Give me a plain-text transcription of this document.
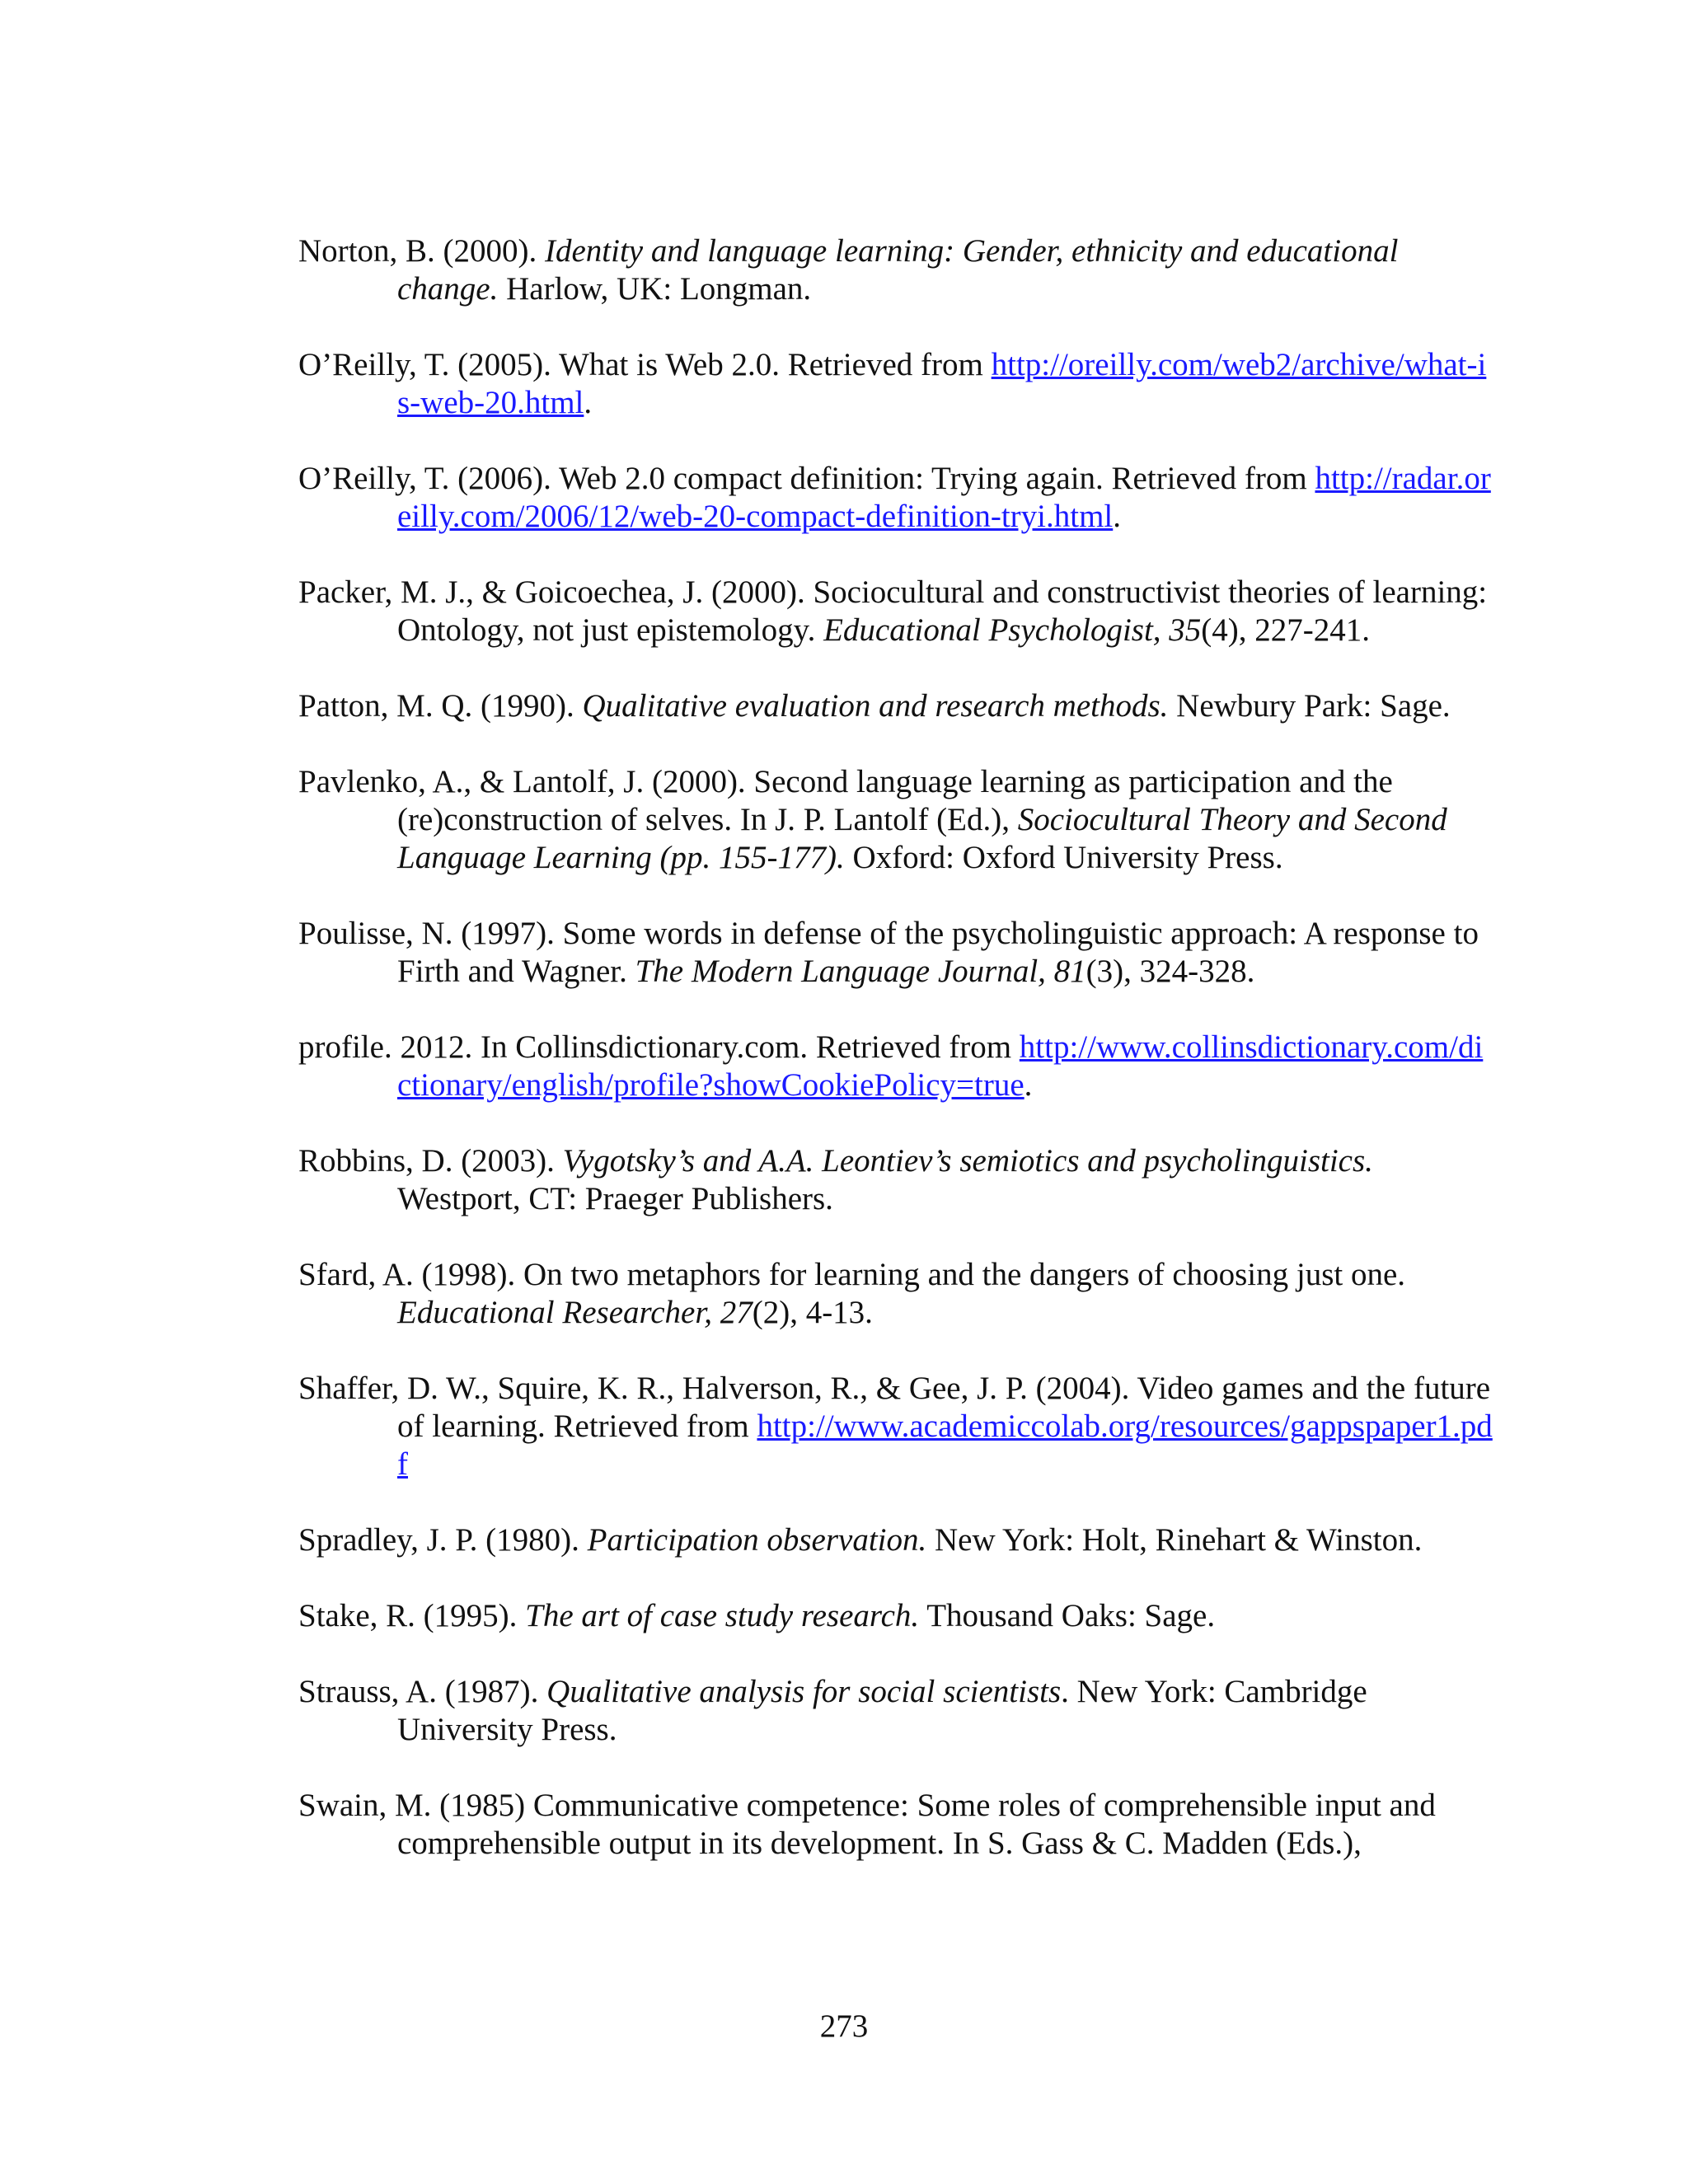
Norton, B. (2000). Identity and language learning: Gender, ethnicity and educational change. Harlow, UK: Longman.

O’Reilly, T. (2005). What is Web 2.0. Retrieved from http://oreilly.com/web2/archive/what-is-web-20.html.

O’Reilly, T. (2006). Web 2.0 compact definition: Trying again. Retrieved from http://radar.oreilly.com/2006/12/web-20-compact-definition-tryi.html.

Packer, M. J., & Goicoechea, J. (2000). Sociocultural and constructivist theories of learning: Ontology, not just epistemology. Educational Psychologist, 35(4), 227-241.

Patton, M. Q. (1990). Qualitative evaluation and research methods. Newbury Park: Sage.

Pavlenko, A., & Lantolf, J. (2000). Second language learning as participation and the (re)construction of selves. In J. P. Lantolf (Ed.), Sociocultural Theory and Second Language Learning (pp. 155-177). Oxford: Oxford University Press.

Poulisse, N. (1997). Some words in defense of the psycholinguistic approach: A response to Firth and Wagner. The Modern Language Journal, 81(3), 324-328.

profile. 2012. In Collinsdictionary.com. Retrieved from http://www.collinsdictionary.com/dictionary/english/profile?showCookiePolicy=true.

Robbins, D. (2003). Vygotsky’s and A.A. Leontiev’s semiotics and psycholinguistics. Westport, CT: Praeger Publishers.

Sfard, A. (1998). On two metaphors for learning and the dangers of choosing just one. Educational Researcher, 27(2), 4-13.

Shaffer, D. W., Squire, K. R., Halverson, R., & Gee, J. P. (2004). Video games and the future of learning. Retrieved from http://www.academiccolab.org/resources/gappspaper1.pdf

Spradley, J. P. (1980). Participation observation. New York: Holt, Rinehart & Winston.

Stake, R. (1995). The art of case study research. Thousand Oaks: Sage.

Strauss, A. (1987). Qualitative analysis for social scientists. New York: Cambridge University Press.

Swain, M. (1985) Communicative competence: Some roles of comprehensible input and comprehensible output in its development. In S. Gass & C. Madden (Eds.),

273
